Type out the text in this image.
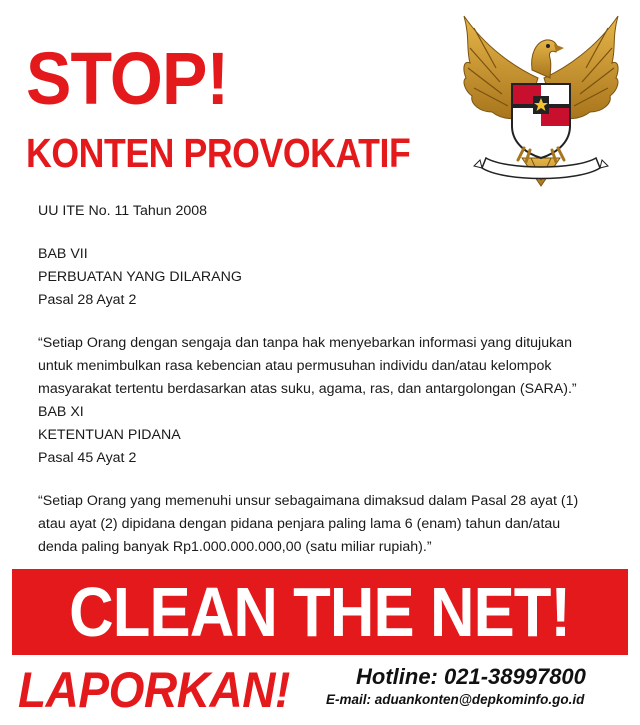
STOP!
KONTEN PROVOKATIF
UU ITE No. 11 Tahun 2008
BAB VII
PERBUATAN YANG DILARANG
Pasal 28 Ayat 2
“Setiap Orang dengan sengaja dan tanpa hak menyebarkan informasi yang ditujukan
untuk menimbulkan rasa kebencian atau permusuhan individu dan/atau kelompok
masyarakat tertentu berdasarkan atas suku, agama, ras, dan antargolongan (SARA).”
BAB XI
KETENTUAN PIDANA
Pasal 45 Ayat 2
“Setiap Orang yang memenuhi unsur sebagaimana dimaksud dalam Pasal 28 ayat (1)
atau ayat (2) dipidana dengan pidana penjara paling lama 6 (enam) tahun dan/atau
denda paling banyak Rp1.000.000.000,00 (satu miliar rupiah).”
CLEAN THE NET!
LAPORKAN!	Hotline: 021-38997800
E-mail: aduankonten@depkominfo.go.id
